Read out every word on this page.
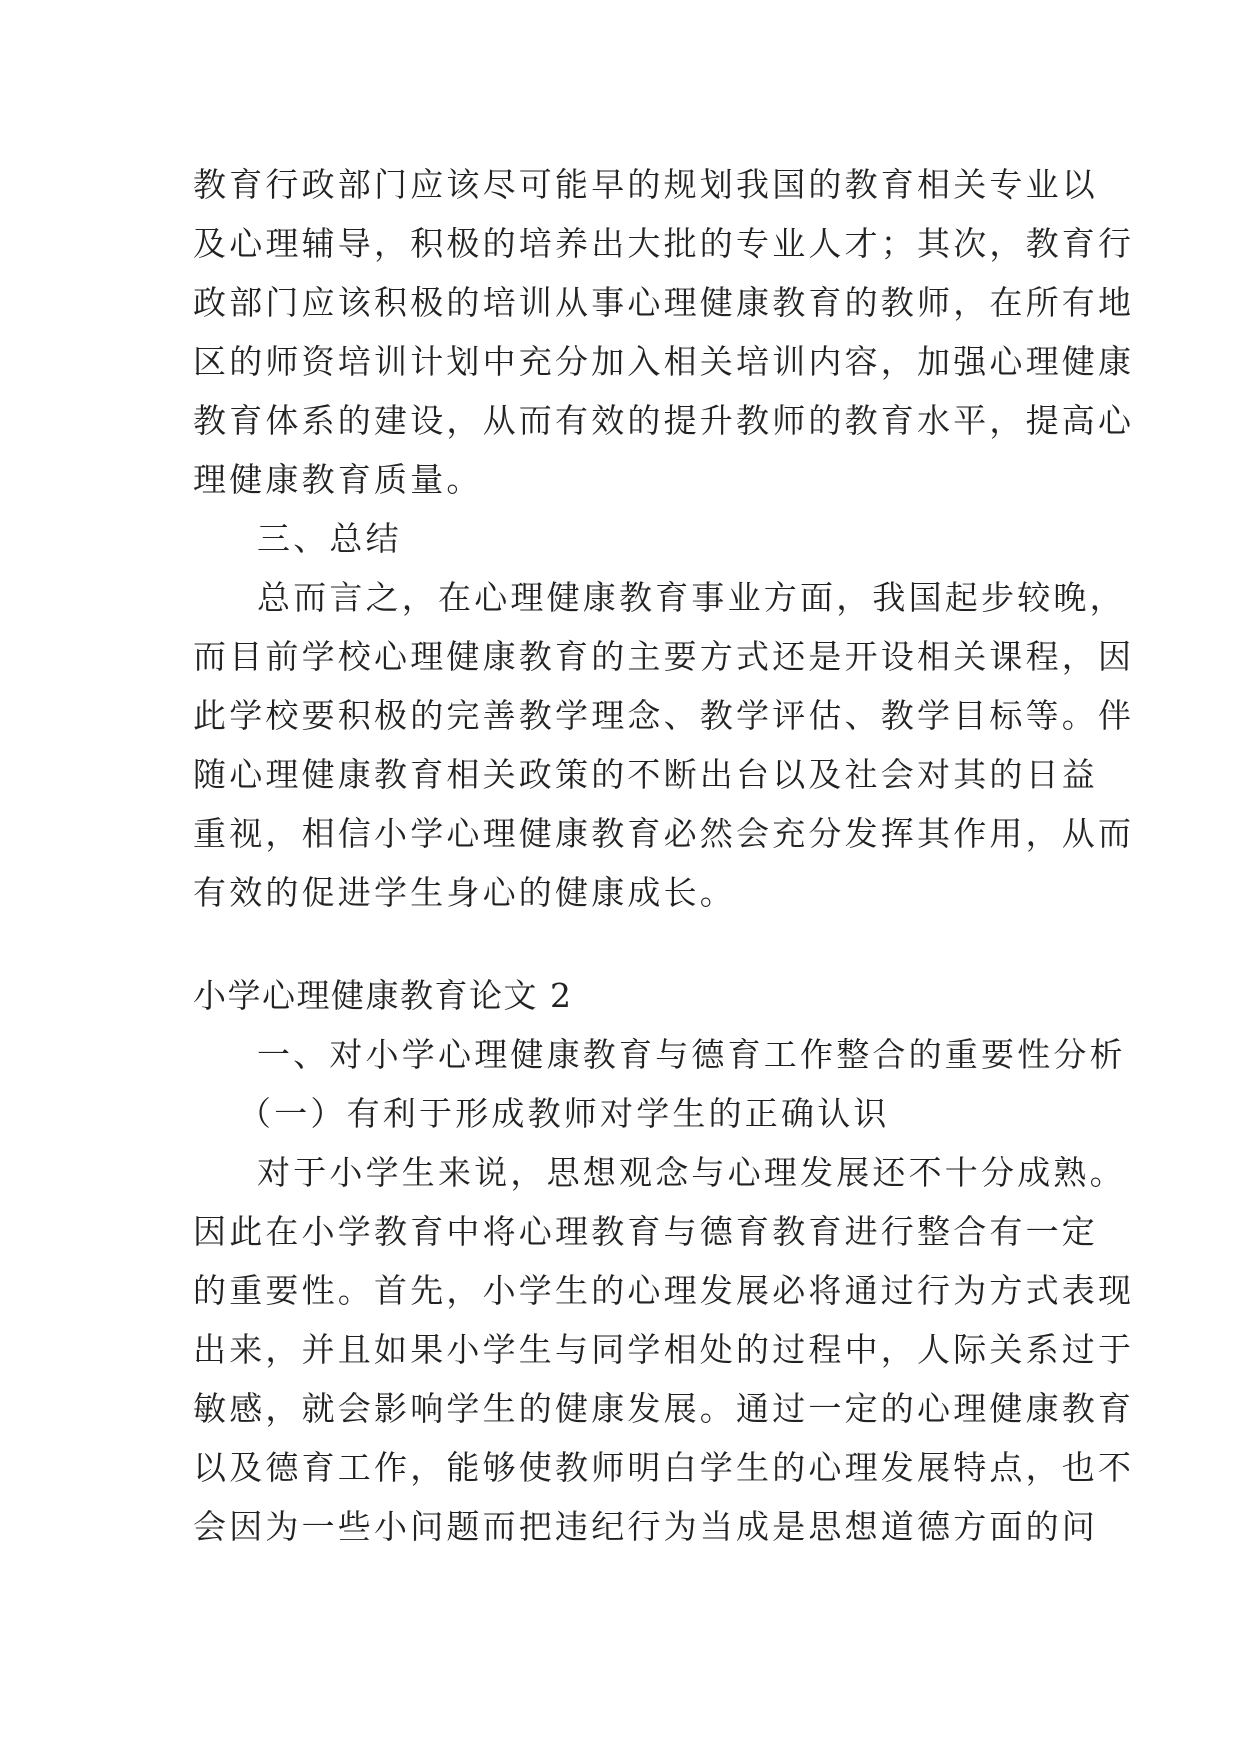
教育行政部门应该尽可能早的规划我国的教育相关专业以
及心理辅导，积极的培养出大批的专业人才；其次，教育行
政部门应该积极的培训从事心理健康教育的教师，在所有地
区的师资培训计划中充分加入相关培训内容，加强心理健康
教育体系的建设，从而有效的提升教师的教育水平，提高心
理健康教育质量。
三、总结
总而言之，在心理健康教育事业方面，我国起步较晚，
而目前学校心理健康教育的主要方式还是开设相关课程，因
此学校要积极的完善教学理念、教学评估、教学目标等。伴
随心理健康教育相关政策的不断出台以及社会对其的日益
重视，相信小学心理健康教育必然会充分发挥其作用，从而
有效的促进学生身心的健康成长。
小学心理健康教育论文 2
一、对小学心理健康教育与德育工作整合的重要性分析
（一）有利于形成教师对学生的正确认识
对于小学生来说，思想观念与心理发展还不十分成熟。
因此在小学教育中将心理教育与德育教育进行整合有一定
的重要性。首先，小学生的心理发展必将通过行为方式表现
出来，并且如果小学生与同学相处的过程中，人际关系过于
敏感，就会影响学生的健康发展。通过一定的心理健康教育
以及德育工作，能够使教师明白学生的心理发展特点，也不
会因为一些小问题而把违纪行为当成是思想道德方面的问
